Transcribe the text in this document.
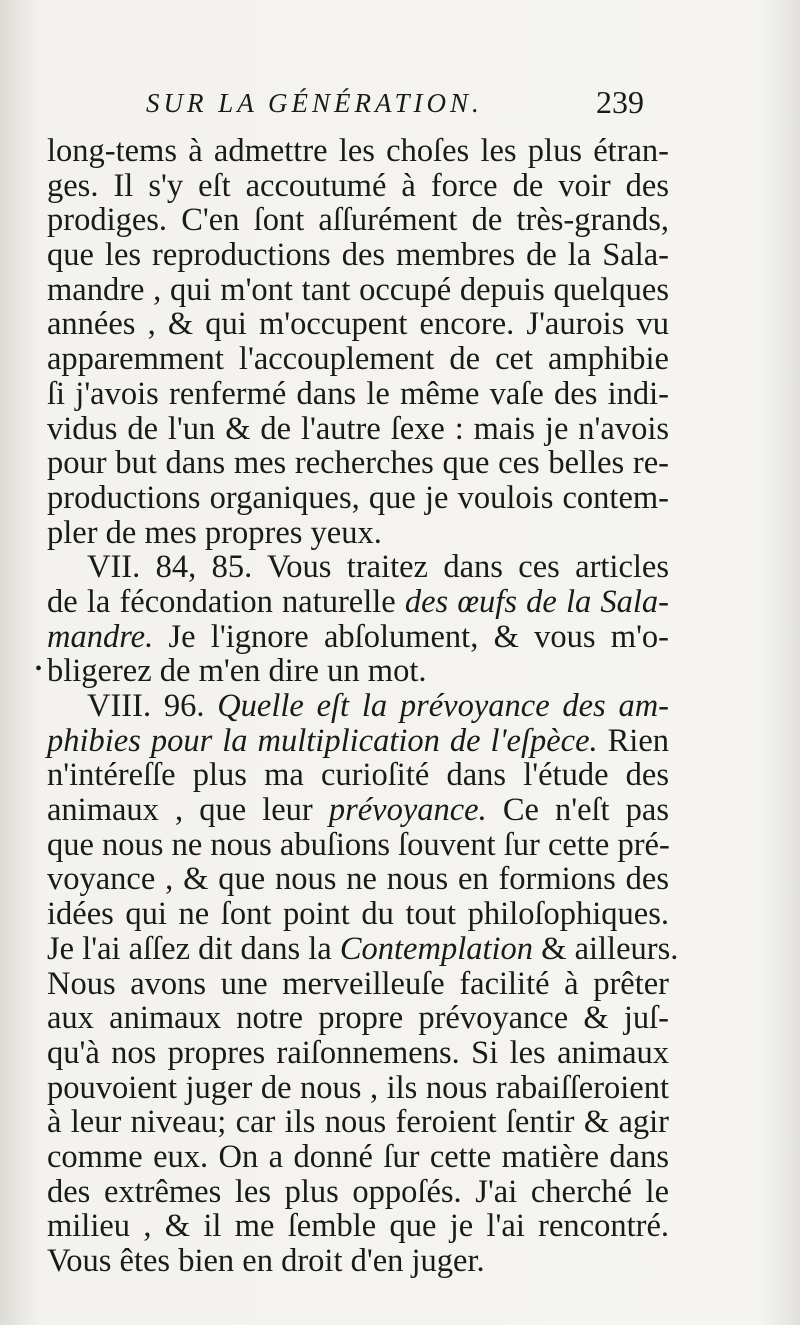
SUR LA GÉNÉRATION.	239
long-tems à admettre les choſes les plus étran-
ges. Il s'y eſt accoutumé à force de voir des
prodiges. C'en ſont aſſurément de très-grands,
que les reproductions des membres de la Sala-
mandre , qui m'ont tant occupé depuis quelques
années , & qui m'occupent encore. J'aurois vu
apparemment l'accouplement de cet amphibie
ſi j'avois renfermé dans le même vaſe des indi-
vidus de l'un & de l'autre ſexe : mais je n'avois
pour but dans mes recherches que ces belles re-
productions organiques, que je voulois contem-
pler de mes propres yeux.
VII. 84, 85. Vous traitez dans ces articles
de la fécondation naturelle des œufs de la Sala-
mandre. Je l'ignore abſolument, & vous m'o-
• bligerez de m'en dire un mot.
VIII. 96. Quelle eſt la prévoyance des am-
phibies pour la multiplication de l'eſpèce. Rien
n'intéreſſe plus ma curioſité dans l'étude des
animaux , que leur prévoyance. Ce n'eſt pas
que nous ne nous abuſions ſouvent ſur cette pré-
voyance , & que nous ne nous en formions des
idées qui ne ſont point du tout philoſophiques.
Je l'ai aſſez dit dans la Contemplation & ailleurs.
Nous avons une merveilleuſe facilité à prêter
aux animaux notre propre prévoyance & juſ-
qu'à nos propres raiſonnemens. Si les animaux
pouvoient juger de nous , ils nous rabaiſſeroient
à leur niveau; car ils nous feroient ſentir & agir
comme eux. On a donné ſur cette matière dans
des extrêmes les plus oppoſés. J'ai cherché le
milieu , & il me ſemble que je l'ai rencontré.
Vous êtes bien en droit d'en juger.
